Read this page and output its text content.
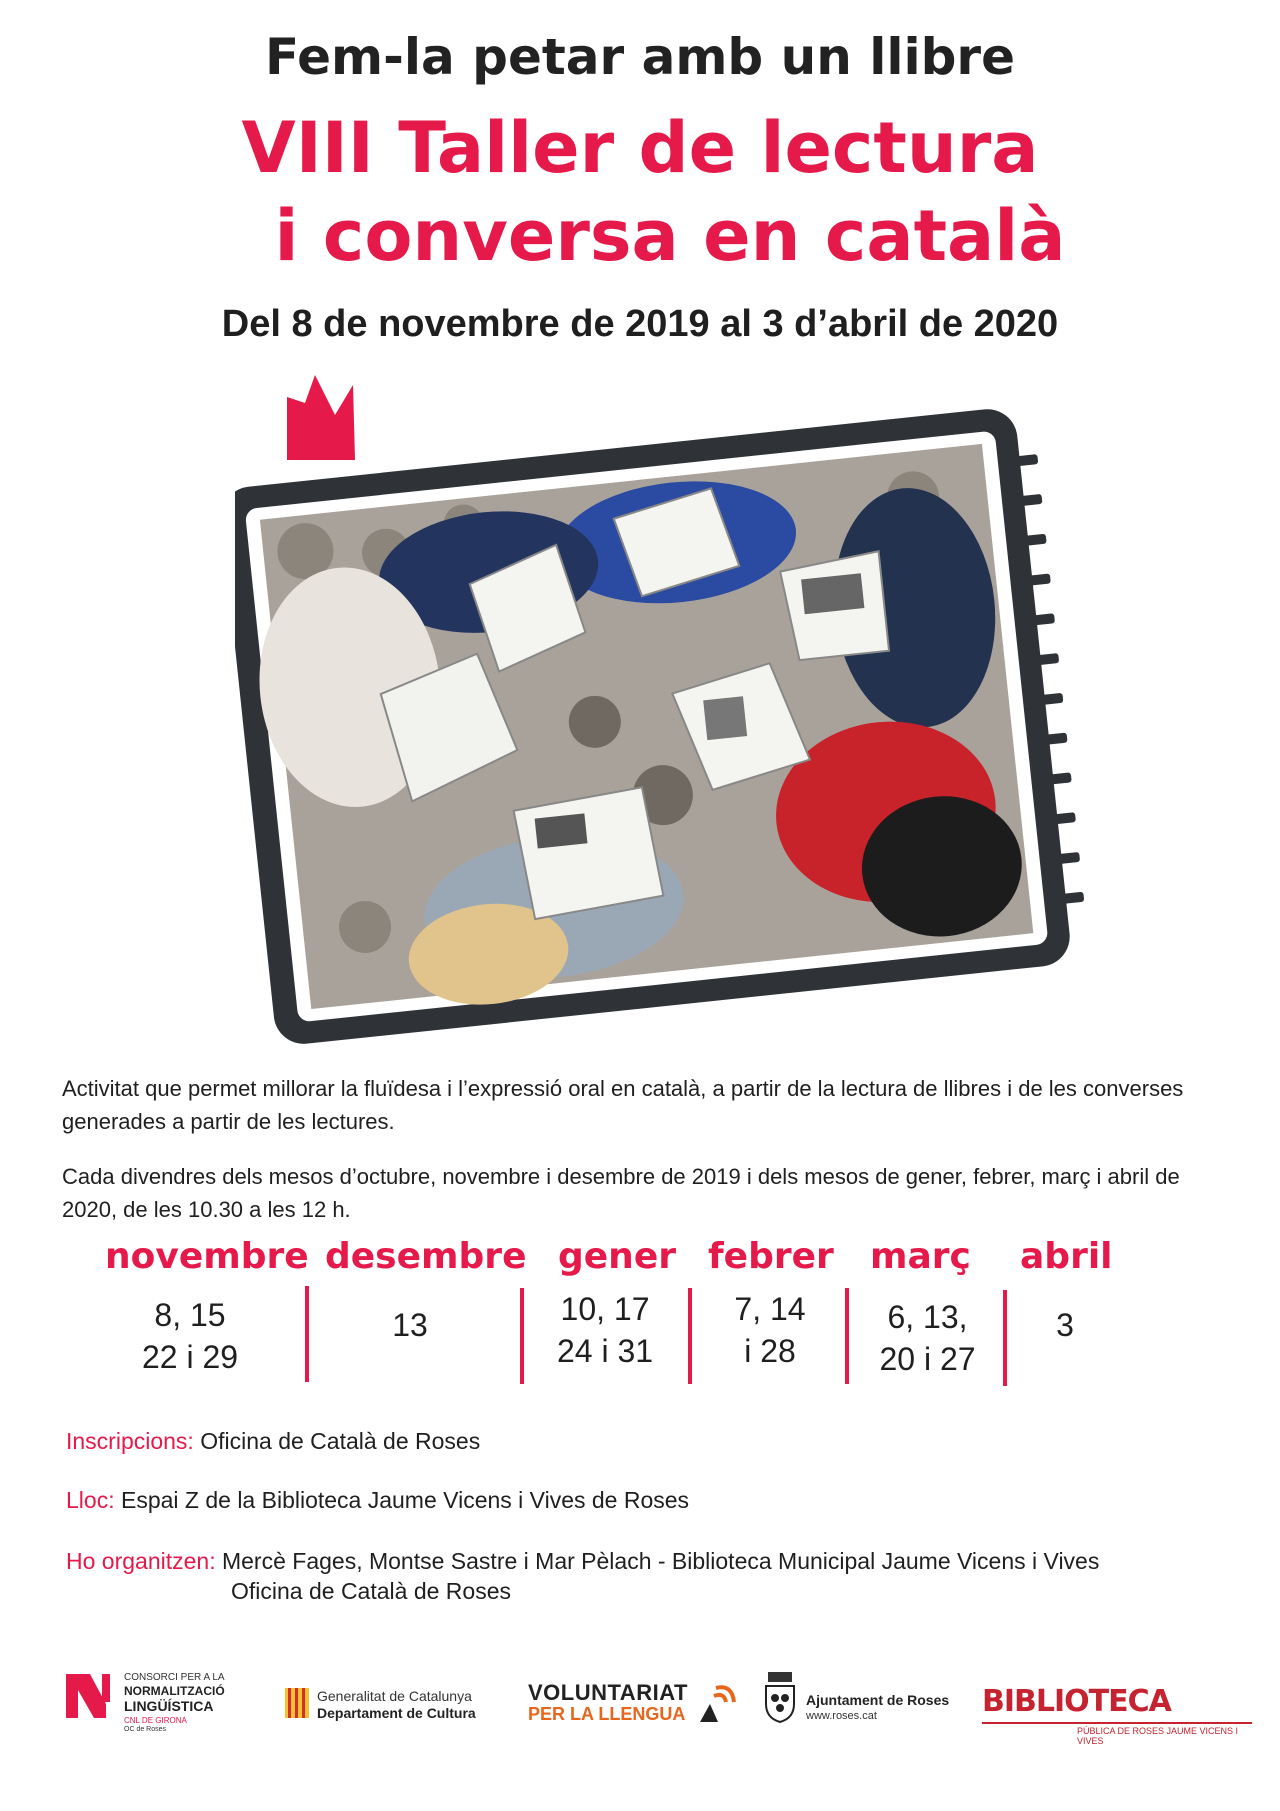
Fem-la petar amb un llibre
VIII Taller de lectura
i conversa en català
Del 8 de novembre de 2019 al 3 d’abril de 2020
Activitat que permet millorar la fluïdesa i l’expressió oral en català, a partir de la lectura de llibres i de les converses generades a partir de les lectures.
Cada divendres dels mesos d’octubre, novembre i desembre de 2019 i dels mesos de gener, febrer, març i abril de 2020, de les 10.30 a les 12 h.
novembre desembre gener febrer març abril
8, 15
22 i 29
13	10, 17
24 i 31
7, 14
i 28
6, 13,
20 i 27
3
Inscripcions: Oficina de Català de Roses
Lloc: Espai Z de la Biblioteca Jaume Vicens i Vives de Roses
Ho organitzen: Mercè Fages, Montse Sastre i Mar Pèlach - Biblioteca Municipal Jaume Vicens i Vives
Oficina de Català de Roses
CONSORCI PER A LA
NORMALITZACIÓ
LINGÜÍSTICA
CNL DE GIRONA
OC de Roses
Generalitat de Catalunya
Departament de Cultura
VOLUNTARIAT
PER LA LLENGUA
Ajuntament de Roses
www.roses.cat	BIBLIOTECA
PÚBLICA DE ROSES JAUME VICENS I VIVES
